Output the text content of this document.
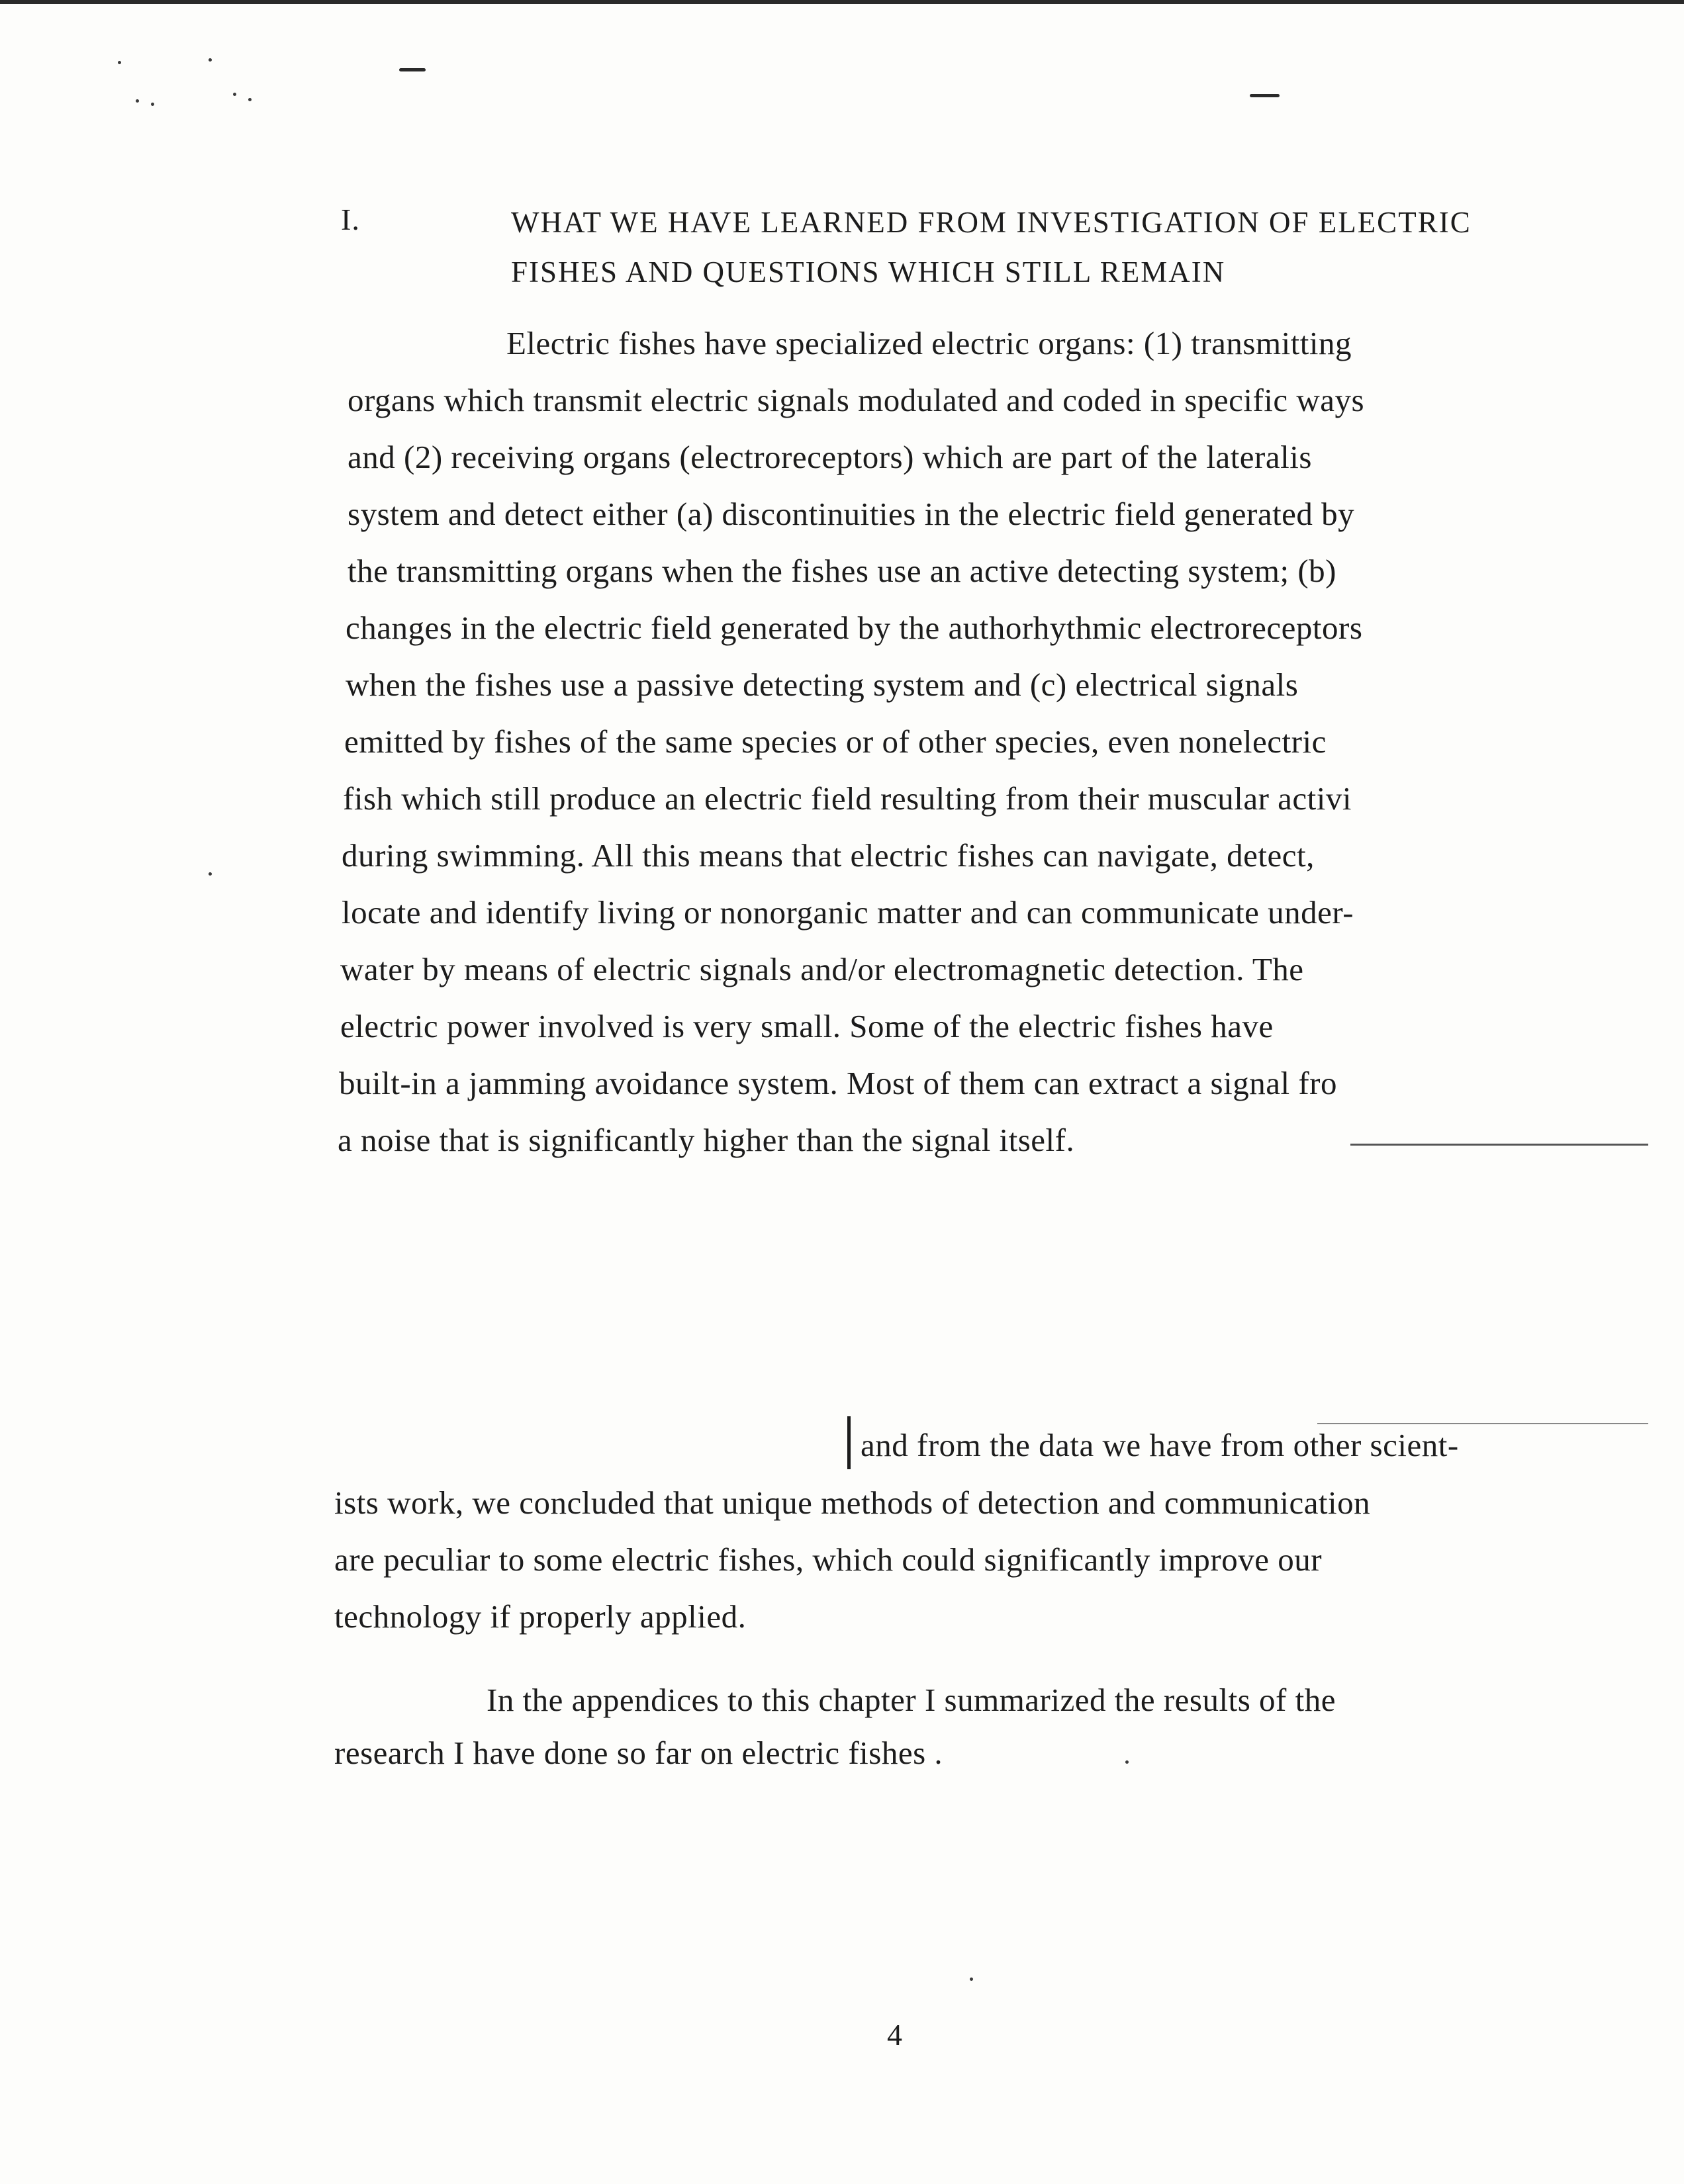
I.	WHAT WE HAVE LEARNED FROM INVESTIGATION OF ELECTRIC
FISHES AND QUESTIONS WHICH STILL REMAIN
Electric fishes have specialized electric organs: (1) transmitting
organs which transmit electric signals modulated and coded in specific ways
and (2) receiving organs (electroreceptors) which are part of the lateralis
system and detect either (a) discontinuities in the electric field generated by
the transmitting organs when the fishes use an active detecting system; (b)
changes in the electric field generated by the authorhythmic electroreceptors
when the fishes use a passive detecting system and (c) electrical signals
emitted by fishes of the same species or of other species, even nonelectric
fish which still produce an electric field resulting from their muscular activi
during swimming. All this means that electric fishes can navigate, detect,
locate and identify living or nonorganic matter and can communicate under-
water by means of electric signals and/or electromagnetic detection. The
electric power involved is very small. Some of the electric fishes have
built-in a jamming avoidance system. Most of them can extract a signal fro
a noise that is significantly higher than the signal itself.
and from the data we have from other scient-
ists work, we concluded that unique methods of detection and communication
are peculiar to some electric fishes, which could significantly improve our
technology if properly applied.
In the appendices to this chapter I summarized the results of the
research I have done so far on electric fishes .
4
